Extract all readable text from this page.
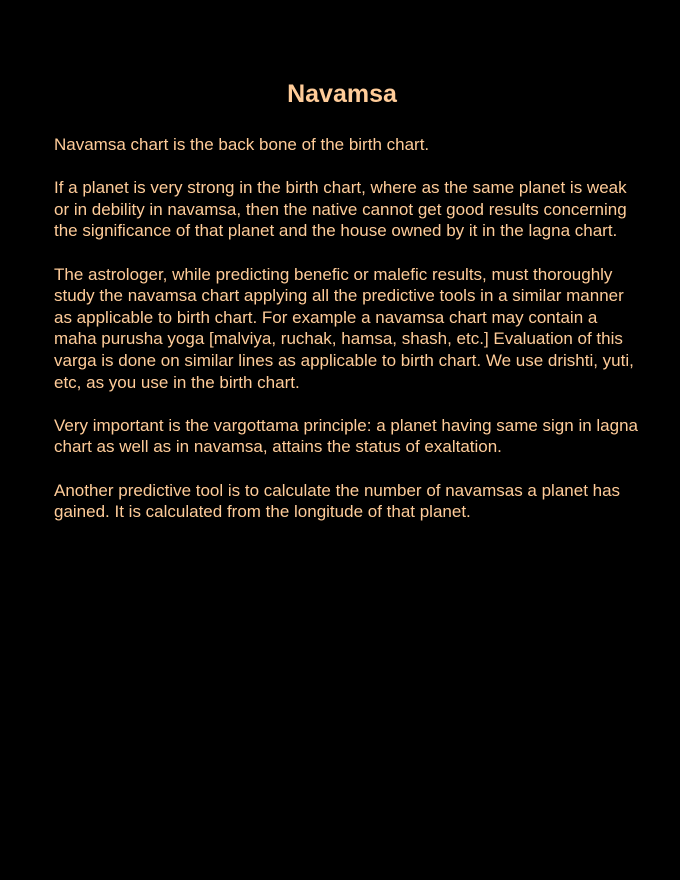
Navamsa

Navamsa chart is the back bone of the birth chart.

If a planet is very strong in the birth chart, where as the same planet is weak or in debility in navamsa, then the native cannot get good results concerning the significance of that planet and the house owned by it in the lagna chart.

The astrologer, while predicting benefic or malefic results, must thoroughly study the navamsa chart applying all the predictive tools in a similar manner as applicable to birth chart. For example a navamsa chart may contain a maha purusha yoga [malviya, ruchak, hamsa, shash, etc.] Evaluation of this varga is done on similar lines as applicable to birth chart. We use drishti, yuti, etc, as you use in the birth chart.

Very important is the vargottama principle: a planet having same sign in lagna chart as well as in navamsa, attains the status of exaltation.

Another predictive tool is to calculate the number of navamsas a planet has gained. It is calculated from the longitude of that planet.
